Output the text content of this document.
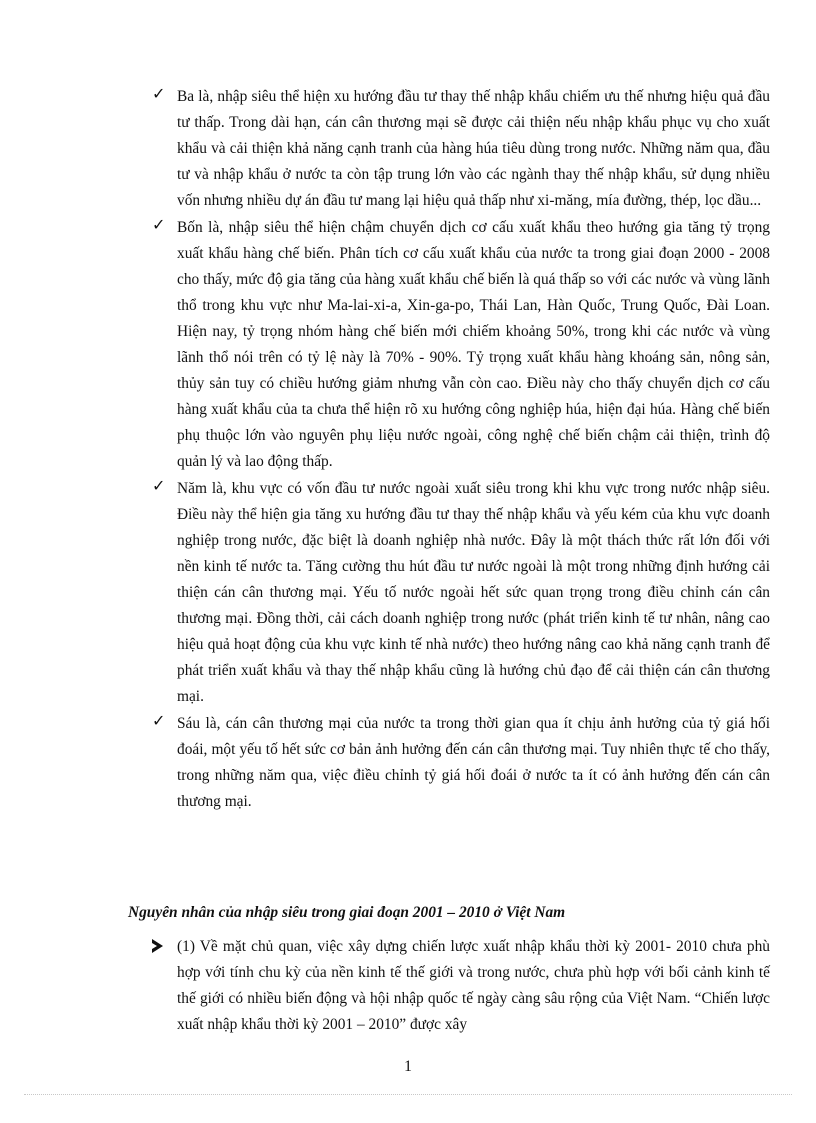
✓ Ba là, nhập siêu thể hiện xu hướng đầu tư thay thế nhập khẩu chiếm ưu thế nhưng hiệu quả đầu tư thấp. Trong dài hạn, cán cân thương mại sẽ được cải thiện nếu nhập khẩu phục vụ cho xuất khẩu và cải thiện khả năng cạnh tranh của hàng húa tiêu dùng trong nước. Những năm qua, đầu tư và nhập khẩu ở nước ta còn tập trung lớn vào các ngành thay thế nhập khẩu, sử dụng nhiều vốn nhưng nhiều dự án đầu tư mang lại hiệu quả thấp như xi-măng, mía đường, thép, lọc dầu...
✓ Bốn là, nhập siêu thể hiện chậm chuyển dịch cơ cấu xuất khẩu theo hướng gia tăng tỷ trọng xuất khẩu hàng chế biến. Phân tích cơ cấu xuất khẩu của nước ta trong giai đoạn 2000 - 2008 cho thấy, mức độ gia tăng của hàng xuất khẩu chế biến là quá thấp so với các nước và vùng lãnh thổ trong khu vực như Ma-lai-xi-a, Xin-ga-po, Thái Lan, Hàn Quốc, Trung Quốc, Đài Loan. Hiện nay, tỷ trọng nhóm hàng chế biến mới chiếm khoảng 50%, trong khi các nước và vùng lãnh thổ nói trên có tỷ lệ này là 70% - 90%. Tỷ trọng xuất khẩu hàng khoáng sản, nông sản, thủy sản tuy có chiều hướng giảm nhưng vẫn còn cao. Điều này cho thấy chuyển dịch cơ cấu hàng xuất khẩu của ta chưa thể hiện rõ xu hướng công nghiệp húa, hiện đại húa. Hàng chế biến phụ thuộc lớn vào nguyên phụ liệu nước ngoài, công nghệ chế biến chậm cải thiện, trình độ quản lý và lao động thấp.
✓ Năm là, khu vực có vốn đầu tư nước ngoài xuất siêu trong khi khu vực trong nước nhập siêu. Điều này thể hiện gia tăng xu hướng đầu tư thay thế nhập khẩu và yếu kém của khu vực doanh nghiệp trong nước, đặc biệt là doanh nghiệp nhà nước. Đây là một thách thức rất lớn đối với nền kinh tế nước ta. Tăng cường thu hút đầu tư nước ngoài là một trong những định hướng cải thiện cán cân thương mại. Yếu tố nước ngoài hết sức quan trọng trong điều chỉnh cán cân thương mại. Đồng thời, cải cách doanh nghiệp trong nước (phát triển kinh tế tư nhân, nâng cao hiệu quả hoạt động của khu vực kinh tế nhà nước) theo hướng nâng cao khả năng cạnh tranh để phát triển xuất khẩu và thay thế nhập khẩu cũng là hướng chủ đạo để cải thiện cán cân thương mại.
✓ Sáu là, cán cân thương mại của nước ta trong thời gian qua ít chịu ảnh hưởng của tỷ giá hối đoái, một yếu tố hết sức cơ bản ảnh hưởng đến cán cân thương mại. Tuy nhiên thực tế cho thấy, trong những năm qua, việc điều chỉnh tỷ giá hối đoái ở nước ta ít có ảnh hưởng đến cán cân thương mại.
Nguyên nhân của nhập siêu trong giai đoạn 2001 – 2010 ở Việt Nam
(1) Về mặt chủ quan, việc xây dựng chiến lược xuất nhập khẩu thời kỳ 2001- 2010 chưa phù hợp với tính chu kỳ của nền kinh tế thế giới và trong nước, chưa phù hợp với bối cảnh kinh tế thế giới có nhiều biến động và hội nhập quốc tế ngày càng sâu rộng của Việt Nam. “Chiến lược xuất nhập khẩu thời kỳ 2001 – 2010” được xây
1
